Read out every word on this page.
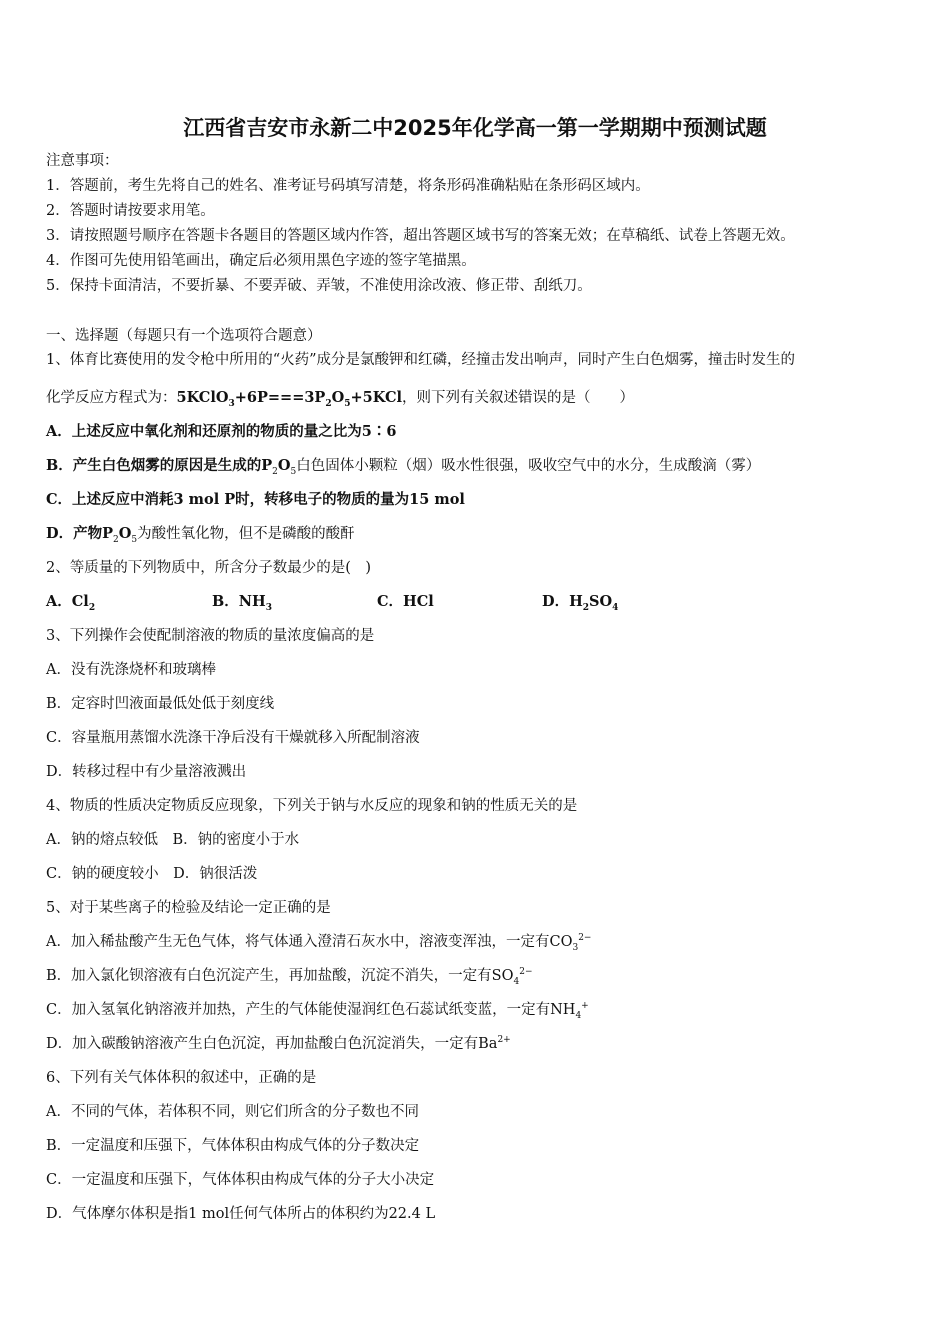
江西省吉安市永新二中2025年化学高一第一学期期中预测试题
注意事项：
1．答题前，考生先将自己的姓名、准考证号码填写清楚，将条形码准确粘贴在条形码区域内。
2．答题时请按要求用笔。
3．请按照题号顺序在答题卡各题目的答题区域内作答，超出答题区域书写的答案无效；在草稿纸、试卷上答题无效。
4．作图可先使用铅笔画出，确定后必须用黑色字迹的签字笔描黑。
5．保持卡面清洁，不要折暴、不要弄破、弄皱，不准使用涂改液、修正带、刮纸刀。
一、选择题（每题只有一个选项符合题意）
1、体育比赛使用的发令枪中所用的“火药”成分是氯酸钾和红磷，经撞击发出响声，同时产生白色烟雾，撞击时发生的
化学反应方程式为：$5KClO_3+6P===3P_2O_5+5KCl$，则下列有关叙述错误的是（　　）
A．上述反应中氧化剂和还原剂的物质的量之比为5∶6
B．产生白色烟雾的原因是生成的$P_2O_5$白色固体小颗粒（烟）吸水性很强，吸收空气中的水分，生成酸滴（雾）
C．上述反应中消耗3 mol P时，转移电子的物质的量为15 mol
D．产物$P_2O_5$为酸性氧化物，但不是磷酸的酸酐
2、等质量的下列物质中，所含分子数最少的是(　)
A．$Cl_2$	B．$NH_3$	C．HCl	D．$H_2SO_4$
3、下列操作会使配制溶液的物质的量浓度偏高的是
A．没有洗涤烧杯和玻璃棒
B．定容时凹液面最低处低于刻度线
C．容量瓶用蒸馏水洗涤干净后没有干燥就移入所配制溶液
D．转移过程中有少量溶液溅出
4、物质的性质决定物质反应现象，下列关于钠与水反应的现象和钠的性质无关的是
A．钠的熔点较低　B．钠的密度小于水
C．钠的硬度较小　D．钠很活泼
5、对于某些离子的检验及结论一定正确的是
A．加入稀盐酸产生无色气体，将气体通入澄清石灰水中，溶液变浑浊，一定有$CO_3^{2-}$
B．加入氯化钡溶液有白色沉淀产生，再加盐酸，沉淀不消失，一定有$SO_4^{2-}$
C．加入氢氧化钠溶液并加热，产生的气体能使湿润红色石蕊试纸变蓝，一定有$NH_4^+$
D．加入碳酸钠溶液产生白色沉淀，再加盐酸白色沉淀消失，一定有$Ba^{2+}$
6、下列有关气体体积的叙述中，正确的是
A．不同的气体，若体积不同，则它们所含的分子数也不同
B．一定温度和压强下，气体体积由构成气体的分子数决定
C．一定温度和压强下，气体体积由构成气体的分子大小决定
D．气体摩尔体积是指1 mol任何气体所占的体积约为22.4 L
